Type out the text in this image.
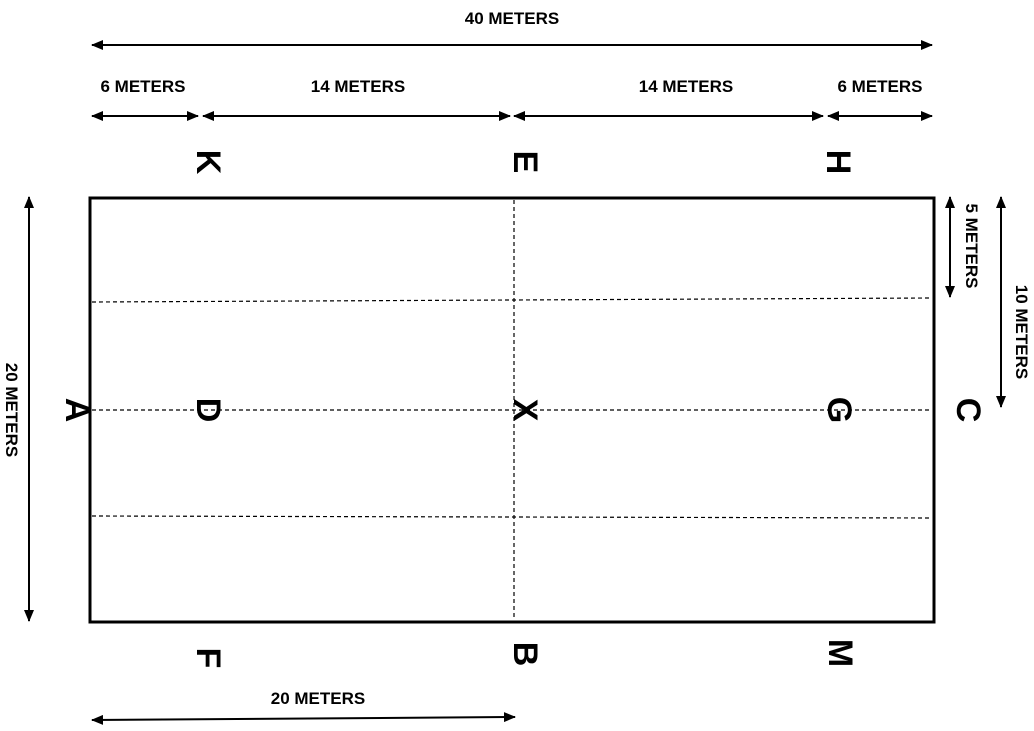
40 METERS
6 METERS	14 METERS	14 METERS	6 METERS
20 METERS
5 METERS
10 METERS
20 METERS
K	E	H
A	D	X	G	C
F	B	M
